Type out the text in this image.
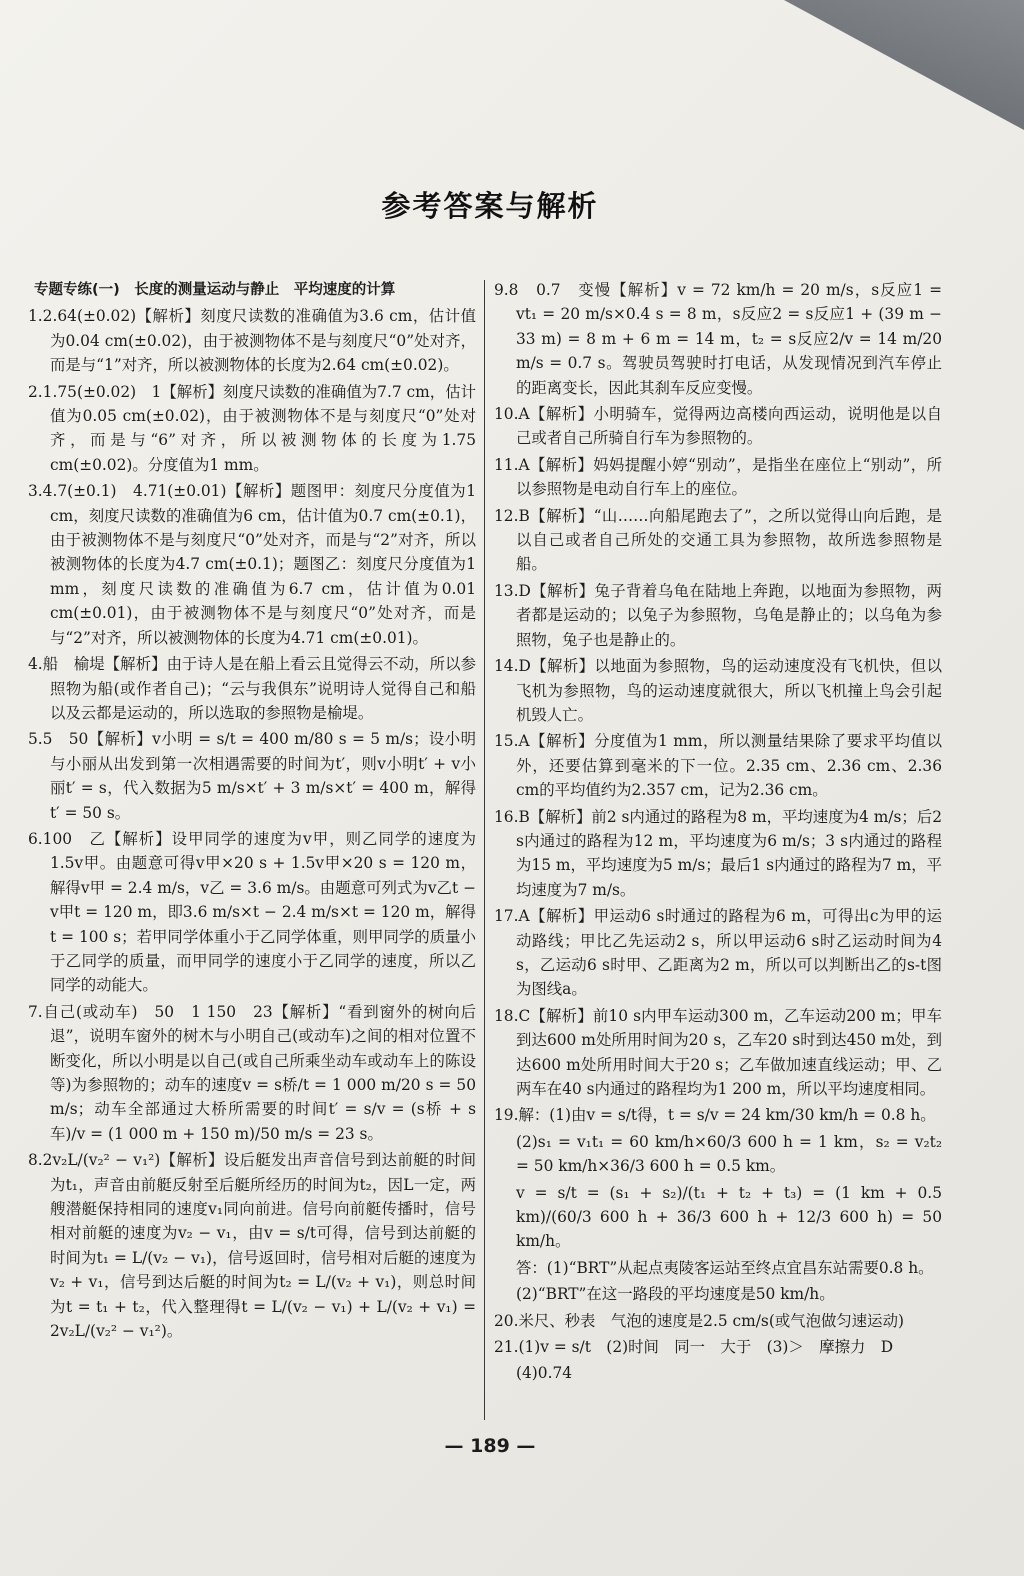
参考答案与解析
专题专练(一)　长度的测量运动与静止　平均速度的计算
1.2.64(±0.02)【解析】刻度尺读数的准确值为3.6 cm，估计值为0.04 cm(±0.02)，由于被测物体不是与刻度尺“0”处对齐，而是与“1”对齐，所以被测物体的长度为2.64 cm(±0.02)。
2.1.75(±0.02)　1【解析】刻度尺读数的准确值为7.7 cm，估计值为0.05 cm(±0.02)，由于被测物体不是与刻度尺“0”处对齐，而是与“6”对齐，所以被测物体的长度为1.75 cm(±0.02)。分度值为1 mm。
3.4.7(±0.1)　4.71(±0.01)【解析】题图甲：刻度尺分度值为1 cm，刻度尺读数的准确值为6 cm，估计值为0.7 cm(±0.1)，由于被测物体不是与刻度尺“0”处对齐，而是与“2”对齐，所以被测物体的长度为4.7 cm(±0.1)；题图乙：刻度尺分度值为1 mm，刻度尺读数的准确值为6.7 cm，估计值为0.01 cm(±0.01)，由于被测物体不是与刻度尺“0”处对齐，而是与“2”对齐，所以被测物体的长度为4.71 cm(±0.01)。
4.船　榆堤【解析】由于诗人是在船上看云且觉得云不动，所以参照物为船(或作者自己)；“云与我俱东”说明诗人觉得自己和船以及云都是运动的，所以选取的参照物是榆堤。
5.5　50【解析】v小明 = s/t = 400 m/80 s = 5 m/s；设小明与小丽从出发到第一次相遇需要的时间为t′，则v小明t′ + v小丽t′ = s，代入数据为5 m/s×t′ + 3 m/s×t′ = 400 m，解得t′ = 50 s。
6.100　乙【解析】设甲同学的速度为v甲，则乙同学的速度为1.5v甲。由题意可得v甲×20 s + 1.5v甲×20 s = 120 m，解得v甲 = 2.4 m/s，v乙 = 3.6 m/s。由题意可列式为v乙t − v甲t = 120 m，即3.6 m/s×t − 2.4 m/s×t = 120 m，解得t = 100 s；若甲同学体重小于乙同学体重，则甲同学的质量小于乙同学的质量，而甲同学的速度小于乙同学的速度，所以乙同学的动能大。
7.自己(或动车)　50　1 150　23【解析】“看到窗外的树向后退”，说明车窗外的树木与小明自己(或动车)之间的相对位置不断变化，所以小明是以自己(或自己所乘坐动车或动车上的陈设等)为参照物的；动车的速度v = s桥/t = 1 000 m/20 s = 50 m/s；动车全部通过大桥所需要的时间t′ = s/v = (s桥 + s车)/v = (1 000 m + 150 m)/50 m/s = 23 s。
8.2v₂L/(v₂² − v₁²)【解析】设后艇发出声音信号到达前艇的时间为t₁，声音由前艇反射至后艇所经历的时间为t₂，因L一定，两艘潜艇保持相同的速度v₁同向前进。信号向前艇传播时，信号相对前艇的速度为v₂ − v₁，由v = s/t可得，信号到达前艇的时间为t₁ = L/(v₂ − v₁)，信号返回时，信号相对后艇的速度为v₂ + v₁，信号到达后艇的时间为t₂ = L/(v₂ + v₁)，则总时间为t = t₁ + t₂，代入整理得t = L/(v₂ − v₁) + L/(v₂ + v₁) = 2v₂L/(v₂² − v₁²)。
9.8　0.7　变慢【解析】v = 72 km/h = 20 m/s，s反应1 = vt₁ = 20 m/s×0.4 s = 8 m，s反应2 = s反应1 + (39 m − 33 m) = 8 m + 6 m = 14 m，t₂ = s反应2/v = 14 m/20 m/s = 0.7 s。驾驶员驾驶时打电话，从发现情况到汽车停止的距离变长，因此其刹车反应变慢。
10.A【解析】小明骑车，觉得两边高楼向西运动，说明他是以自己或者自己所骑自行车为参照物的。
11.A【解析】妈妈提醒小婷“别动”，是指坐在座位上“别动”，所以参照物是电动自行车上的座位。
12.B【解析】“山……向船尾跑去了”，之所以觉得山向后跑，是以自己或者自己所处的交通工具为参照物，故所选参照物是船。
13.D【解析】兔子背着乌龟在陆地上奔跑，以地面为参照物，两者都是运动的；以兔子为参照物，乌龟是静止的；以乌龟为参照物，兔子也是静止的。
14.D【解析】以地面为参照物，鸟的运动速度没有飞机快，但以飞机为参照物，鸟的运动速度就很大，所以飞机撞上鸟会引起机毁人亡。
15.A【解析】分度值为1 mm，所以测量结果除了要求平均值以外，还要估算到毫米的下一位。2.35 cm、2.36 cm、2.36 cm的平均值约为2.357 cm，记为2.36 cm。
16.B【解析】前2 s内通过的路程为8 m，平均速度为4 m/s；后2 s内通过的路程为12 m，平均速度为6 m/s；3 s内通过的路程为15 m，平均速度为5 m/s；最后1 s内通过的路程为7 m，平均速度为7 m/s。
17.A【解析】甲运动6 s时通过的路程为6 m，可得出c为甲的运动路线；甲比乙先运动2 s，所以甲运动6 s时乙运动时间为4 s，乙运动6 s时甲、乙距离为2 m，所以可以判断出乙的s-t图为图线a。
18.C【解析】前10 s内甲车运动300 m，乙车运动200 m；甲车到达600 m处所用时间为20 s，乙车20 s时到达450 m处，到达600 m处所用时间大于20 s；乙车做加速直线运动；甲、乙两车在40 s内通过的路程均为1 200 m，所以平均速度相同。
19.解：(1)由v = s/t得，t = s/v = 24 km/30 km/h = 0.8 h。
(2)s₁ = v₁t₁ = 60 km/h×60/3 600 h = 1 km，s₂ = v₂t₂ = 50 km/h×36/3 600 h = 0.5 km。
v = s/t = (s₁ + s₂)/(t₁ + t₂ + t₃) = (1 km + 0.5 km)/(60/3 600 h + 36/3 600 h + 12/3 600 h) = 50 km/h。
答：(1)“BRT”从起点夷陵客运站至终点宜昌东站需要0.8 h。
(2)“BRT”在这一路段的平均速度是50 km/h。
20.米尺、秒表　气泡的速度是2.5 cm/s(或气泡做匀速运动)
21.(1)v = s/t　(2)时间　同一　大于　(3)＞　摩擦力　D
(4)0.74
— 189 —
